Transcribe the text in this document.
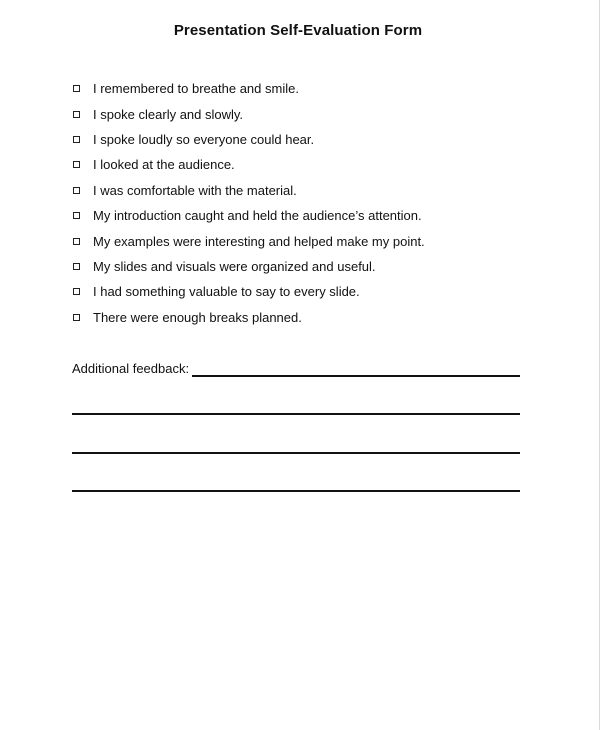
Presentation Self-Evaluation Form
I remembered to breathe and smile.
I spoke clearly and slowly.
I spoke loudly so everyone could hear.
I looked at the audience.
I was comfortable with the material.
My introduction caught and held the audience’s attention.
My examples were interesting and helped make my point.
My slides and visuals were organized and useful.
I had something valuable to say to every slide.
There were enough breaks planned.
Additional feedback:
